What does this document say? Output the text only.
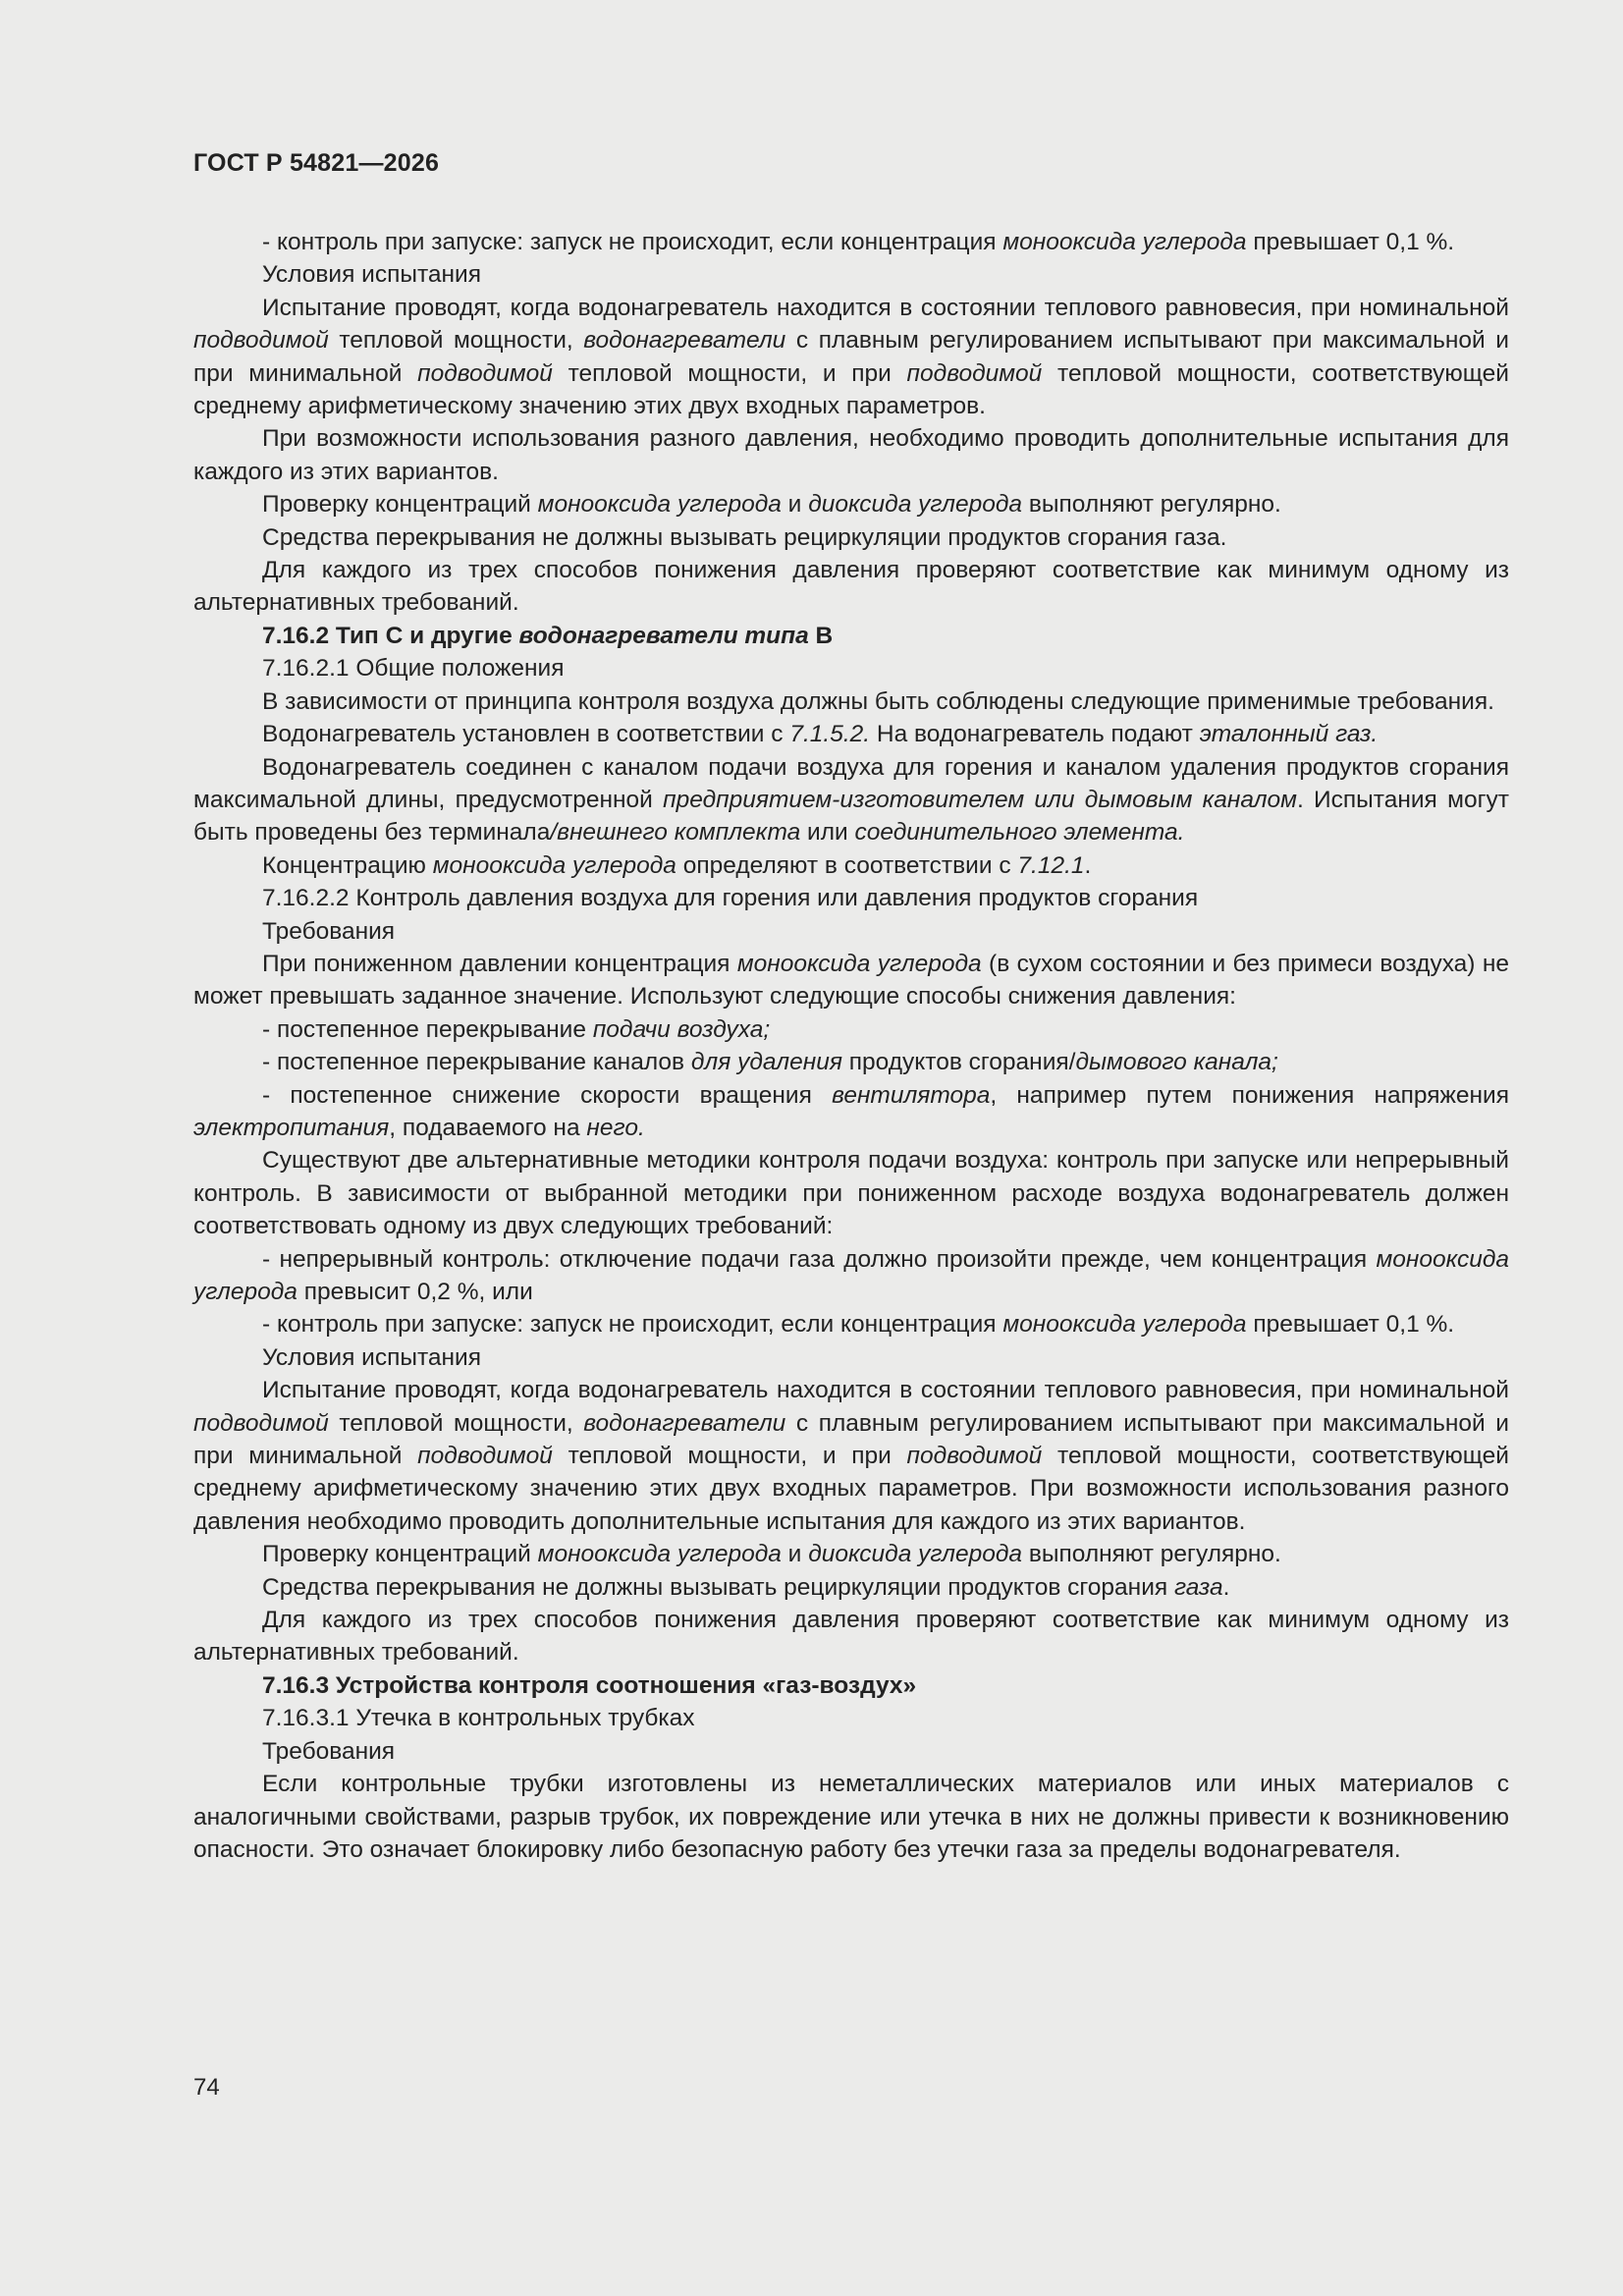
ГОСТ Р 54821—2026

- контроль при запуске: запуск не происходит, если концентрация монооксида углерода превышает 0,1 %.

Условия испытания

Испытание проводят, когда водонагреватель находится в состоянии теплового равновесия, при номинальной подводимой тепловой мощности, водонагреватели с плавным регулированием испытывают при максимальной и при минимальной подводимой тепловой мощности, и при подводимой тепловой мощности, соответствующей среднему арифметическому значению этих двух входных параметров.

При возможности использования разного давления, необходимо проводить дополнительные испытания для каждого из этих вариантов.

Проверку концентраций монооксида углерода и диоксида углерода выполняют регулярно.

Средства перекрывания не должны вызывать рециркуляции продуктов сгорания газа.

Для каждого из трех способов понижения давления проверяют соответствие как минимум одному из альтернативных требований.

7.16.2 Тип С и другие водонагреватели типа В

7.16.2.1 Общие положения

В зависимости от принципа контроля воздуха должны быть соблюдены следующие применимые требования.

Водонагреватель установлен в соответствии с 7.1.5.2. На водонагреватель подают эталонный газ.

Водонагреватель соединен с каналом подачи воздуха для горения и каналом удаления продуктов сгорания максимальной длины, предусмотренной предприятием-изготовителем или дымовым каналом. Испытания могут быть проведены без терминала/внешнего комплекта или соединительного элемента.

Концентрацию монооксида углерода определяют в соответствии с 7.12.1.

7.16.2.2 Контроль давления воздуха для горения или давления продуктов сгорания

Требования

При пониженном давлении концентрация монооксида углерода (в сухом состоянии и без примеси воздуха) не может превышать заданное значение. Используют следующие способы снижения давления:

- постепенное перекрывание подачи воздуха;

- постепенное перекрывание каналов для удаления продуктов сгорания/дымового канала;

- постепенное снижение скорости вращения вентилятора, например путем понижения напряжения электропитания, подаваемого на него.

Существуют две альтернативные методики контроля подачи воздуха: контроль при запуске или непрерывный контроль. В зависимости от выбранной методики при пониженном расходе воздуха водонагреватель должен соответствовать одному из двух следующих требований:

- непрерывный контроль: отключение подачи газа должно произойти прежде, чем концентрация монооксида углерода превысит 0,2 %, или

- контроль при запуске: запуск не происходит, если концентрация монооксида углерода превышает 0,1 %.

Условия испытания

Испытание проводят, когда водонагреватель находится в состоянии теплового равновесия, при номинальной подводимой тепловой мощности, водонагреватели с плавным регулированием испытывают при максимальной и при минимальной подводимой тепловой мощности, и при подводимой тепловой мощности, соответствующей среднему арифметическому значению этих двух входных параметров. При возможности использования разного давления необходимо проводить дополнительные испытания для каждого из этих вариантов.

Проверку концентраций монооксида углерода и диоксида углерода выполняют регулярно.

Средства перекрывания не должны вызывать рециркуляции продуктов сгорания газа.

Для каждого из трех способов понижения давления проверяют соответствие как минимум одному из альтернативных требований.

7.16.3 Устройства контроля соотношения «газ-воздух»

7.16.3.1 Утечка в контрольных трубках

Требования

Если контрольные трубки изготовлены из неметаллических материалов или иных материалов с аналогичными свойствами, разрыв трубок, их повреждение или утечка в них не должны привести к возникновению опасности. Это означает блокировку либо безопасную работу без утечки газа за пределы водонагревателя.

74
